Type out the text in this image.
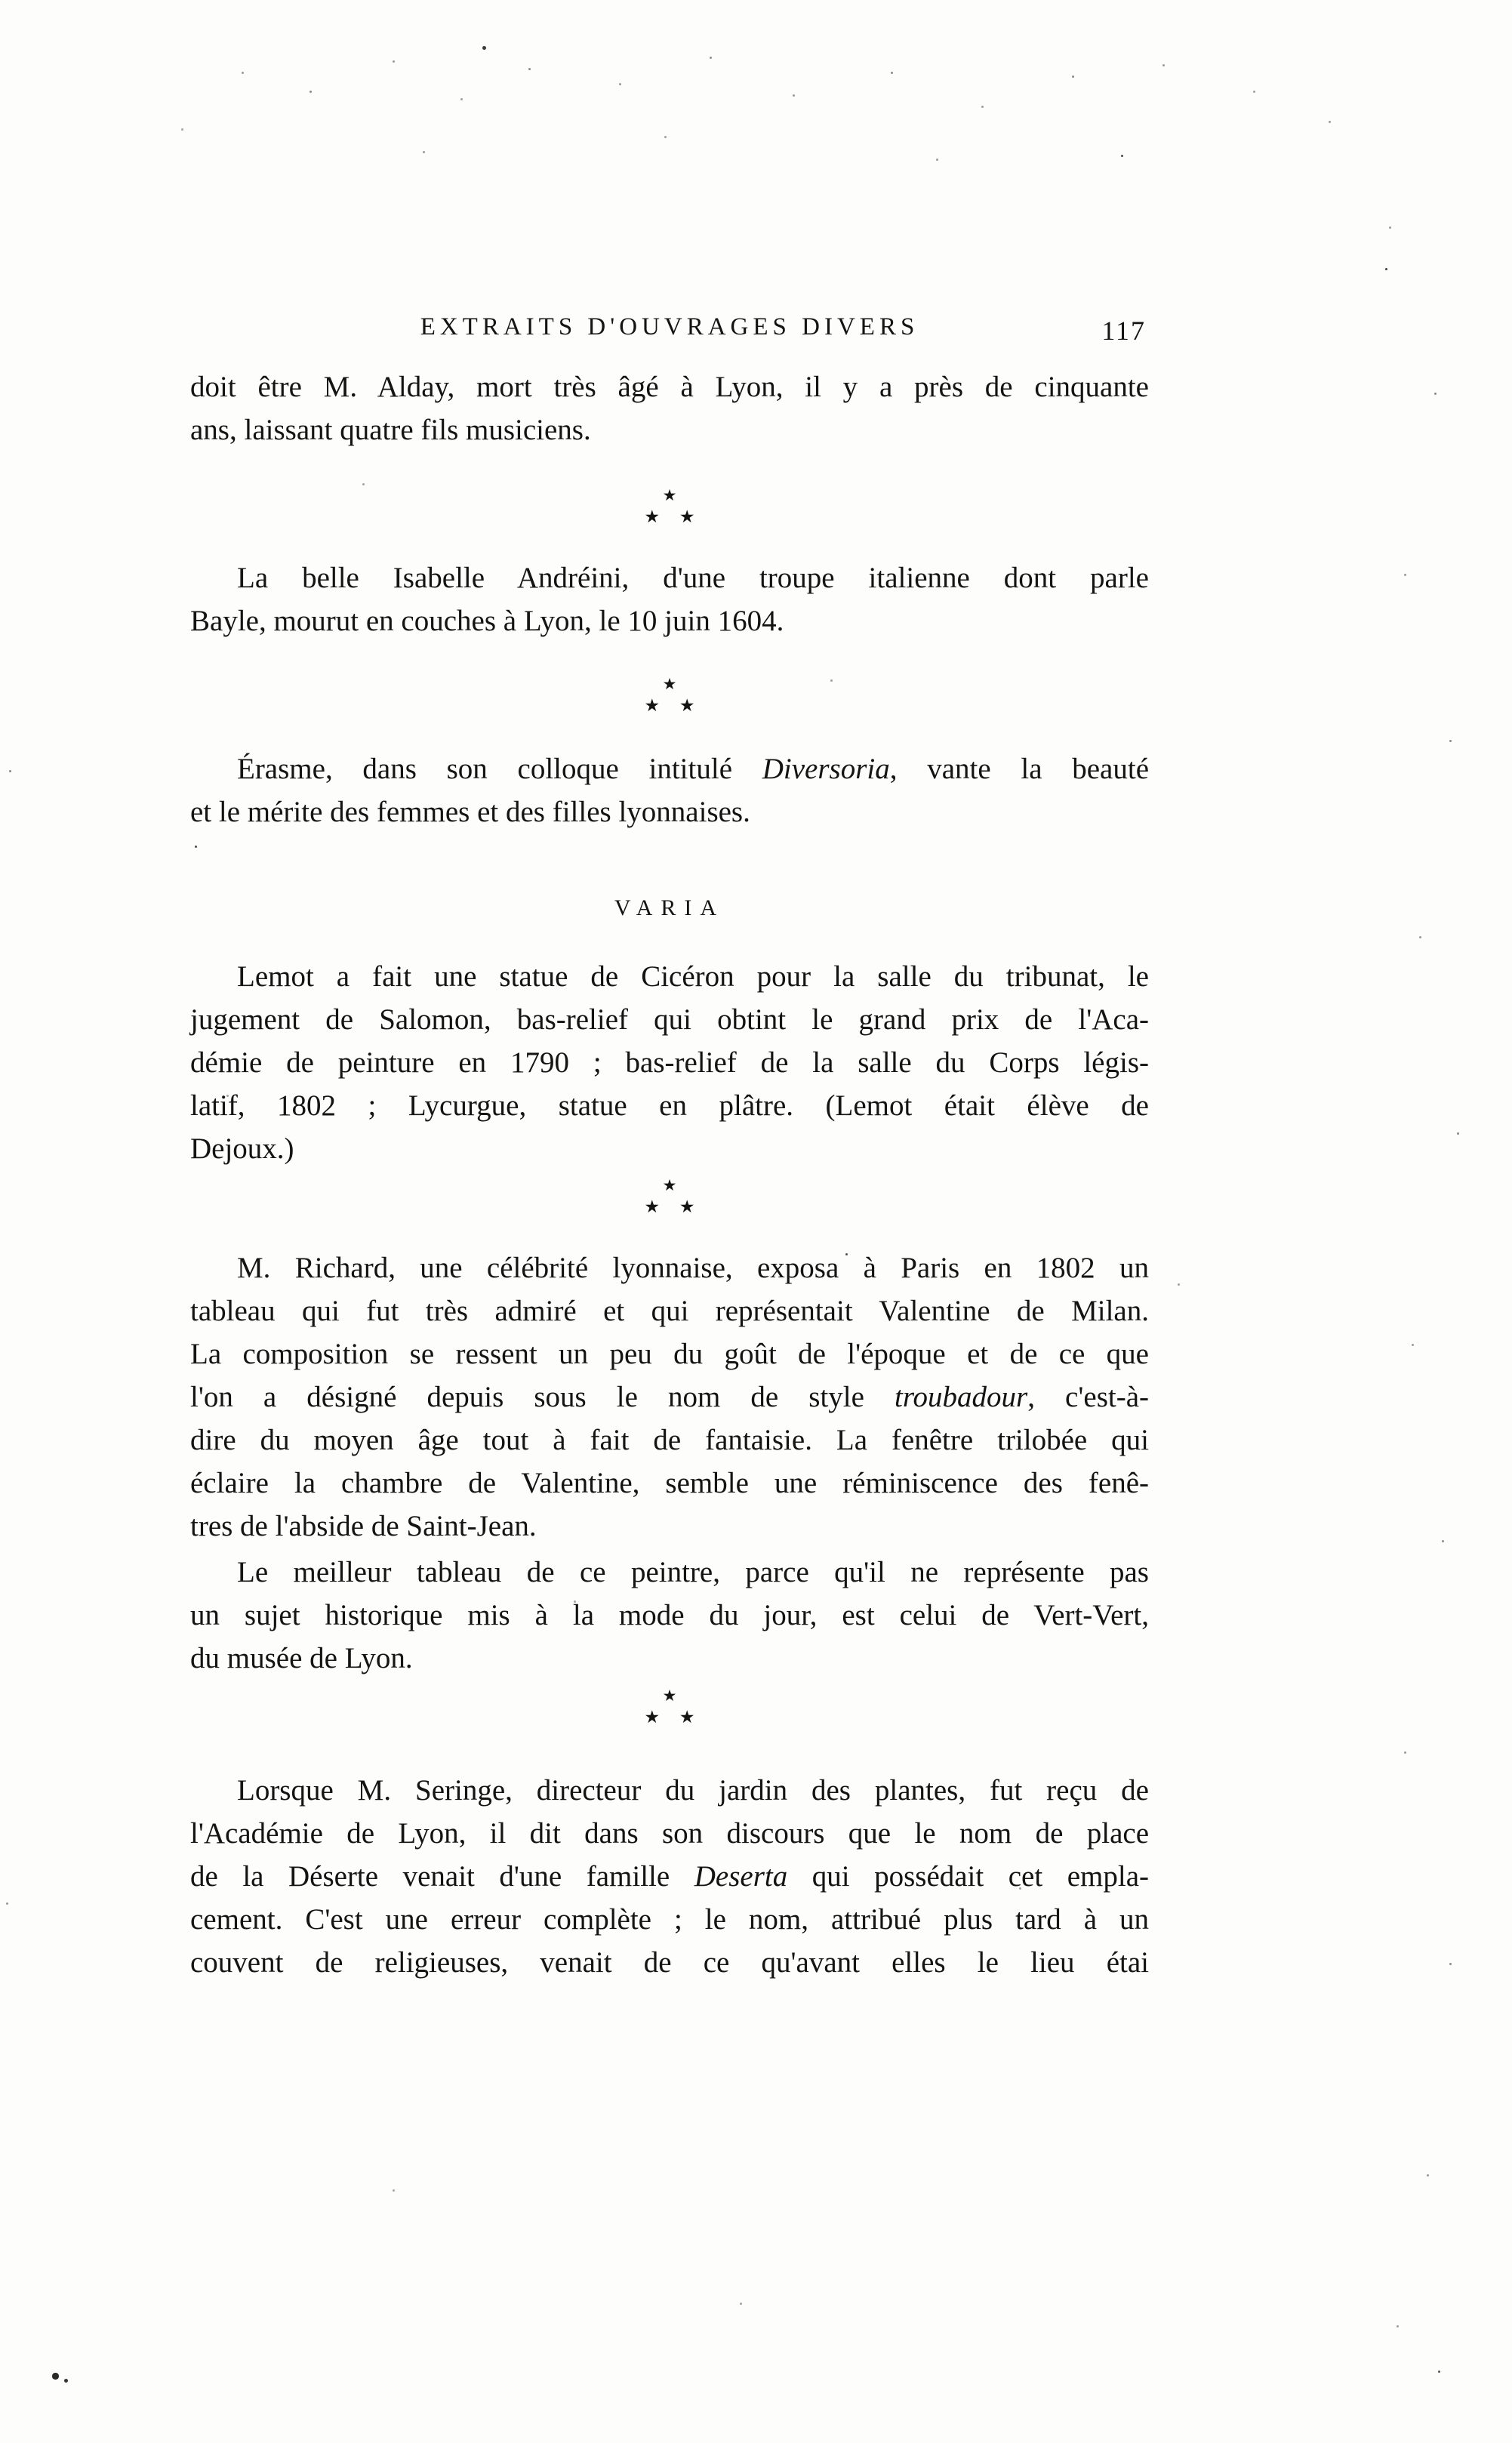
EXTRAITS D'OUVRAGES DIVERS	117
doit être M. Alday, mort très âgé à Lyon, il y a près de cinquante
ans, laissant quatre fils musiciens.
★
★ ★
La belle Isabelle Andréini, d'une troupe italienne dont parle
Bayle, mourut en couches à Lyon, le 10 juin 1604.
★
★ ★
Érasme, dans son colloque intitulé Diversoria, vante la beauté
et le mérite des femmes et des filles lyonnaises.
VARIA
Lemot a fait une statue de Cicéron pour la salle du tribunat, le
jugement de Salomon, bas-relief qui obtint le grand prix de l'Aca-
démie de peinture en 1790 ; bas-relief de la salle du Corps légis-
latif, 1802 ; Lycurgue, statue en plâtre. (Lemot était élève de
Dejoux.)
★
★ ★
M. Richard, une célébrité lyonnaise, exposa à Paris en 1802 un
tableau qui fut très admiré et qui représentait Valentine de Milan.
La composition se ressent un peu du goût de l'époque et de ce que
l'on a désigné depuis sous le nom de style troubadour, c'est-à-
dire du moyen âge tout à fait de fantaisie. La fenêtre trilobée qui
éclaire la chambre de Valentine, semble une réminiscence des fenê-
tres de l'abside de Saint-Jean.
Le meilleur tableau de ce peintre, parce qu'il ne représente pas
un sujet historique mis à la mode du jour, est celui de Vert-Vert,
du musée de Lyon.
★
★ ★
Lorsque M. Seringe, directeur du jardin des plantes, fut reçu de
l'Académie de Lyon, il dit dans son discours que le nom de place
de la Déserte venait d'une famille Deserta qui possédait cet empla-
cement. C'est une erreur complète ; le nom, attribué plus tard à un
couvent de religieuses, venait de ce qu'avant elles le lieu étai
